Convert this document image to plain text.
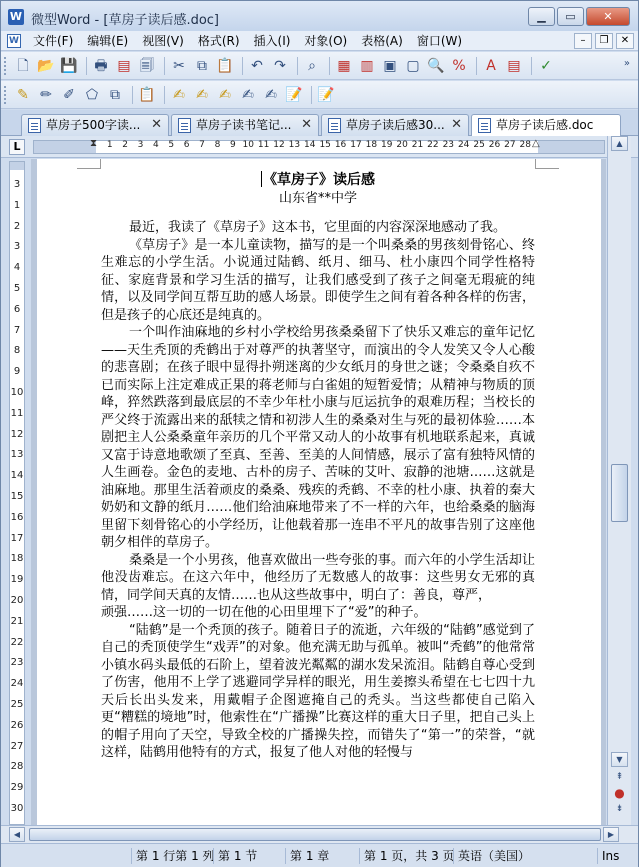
W 微型Word - [草房子读后感.doc]	▁	▭	✕
W 文件(F) 编辑(E) 视图(V) 格式(R) 插入(I) 对象(O) 表格(A) 窗口(W)	–	❐	✕
🗋 📂 💾 🖶 ▤ 🗐 ✂ ⧉ 📋 ↶ ↷	⌕	▦ ▥ ▣ ▢ 🔍 %	A ▤ ✓	»
✎ ✏ ✐ ⬠ ⧉	📋 ✍ ✍ ✍ ✍ ✍ 📝 📝
草房子500字读... ✕	草房子读书笔记... ✕	草房子读后感30... ✕	草房子读后感.doc
L	⧗	△
1	2	3	4	5	6	7	8	9 10 11 12 13 14 15 16 17 18 19 20 21 22 23 24 25 26 27 28
3
1
2
3
4
5
6
7
8
9
10
11
12
13
14
15
16
17
18
19
20
21
22
23
24
25
26
27
28
29
30
《草房子》读后感
山东省**中学

最近，我读了《草房子》这本书，它里面的内容深深地感动了我。

《草房子》是一本儿童读物，描写的是一个叫桑桑的男孩刻骨铭心、终生难忘的小学生活。小说通过陆鹤、纸月、细马、杜小康四个同学性格特征、家庭背景和学习生活的描写，让我们感受到了孩子之间毫无瑕疵的纯情，以及同学间互帮互助的感人场景。即使学生之间有着各种各样的伤害，但是孩子的心底还是纯真的。

一个叫作油麻地的乡村小学校给男孩桑桑留下了快乐又难忘的童年记忆——天生秃顶的秃鹤出于对尊严的执著坚守，而演出的令人发笑又令人心酸的悲喜剧；在孩子眼中显得扑朔迷离的少女纸月的身世之谜；令桑桑自疚不已而实际上注定难成正果的蒋老师与白雀姐的短暂爱情；从精神与物质的顶峰，猝然跌落到最底层的不幸少年杜小康与厄运抗争的艰难历程；当校长的严父终于流露出来的舐犊之情和初涉人生的桑桑对生与死的最初体验……本剧把主人公桑桑童年亲历的几个平常又动人的小故事有机地联系起来，真诚又富于诗意地歌颂了至真、至善、至美的人间情感，展示了富有独特风情的人生画卷。金色的麦地、古朴的房子、苦味的艾叶、寂静的池塘……这就是油麻地。那里生活着顽皮的桑桑、残疾的秃鹤、不幸的杜小康、执着的秦大奶奶和文静的纸月……他们给油麻地带来了不一样的六年，也给桑桑的脑海里留下刻骨铭心的小学经历，让他载着那一连串不平凡的故事告别了这座他朝夕相伴的草房子。

桑桑是一个小男孩，他喜欢做出一些夸张的事。而六年的小学生活却让他没齿难忘。在这六年中，他经历了无数感人的故事：这些男女无邪的真情，同学间天真的友情……也从这些故事中，明白了：善良，尊严，

顽强……这一切的一切在他的心田里埋下了“爱”的种子。

“陆鹤”是一个秃顶的孩子。随着日子的流逝，六年级的“陆鹤”感觉到了自己的秃顶使学生“戏弄”的对象。他充满无助与孤单。被叫“秃鹤”的他常常小镇水码头最低的石阶上，望着波光粼粼的湖水发呆流泪。陆鹤自尊心受到了伤害，他用不上学了逃避同学异样的眼光，用生姜擦头希望在七七四十九天后长出头发来，用戴帽子企图遮掩自己的秃头。当这些都使自己陷入更“糟糕的境地”时，他索性在“广播操”比赛这样的重大日子里，把自己头上的帽子用向了天空，导致全校的广播操失控，而错失了“第一”的荣誉，“就这样，陆鹤用他特有的方式，报复了他人对他的轻慢与

▲
▼
⇞
●
⇟
◀	▶
第 1 行第 1 列 第 1 节	第 1 章	第 1 页，共 3 页 英语（美国）	Ins
